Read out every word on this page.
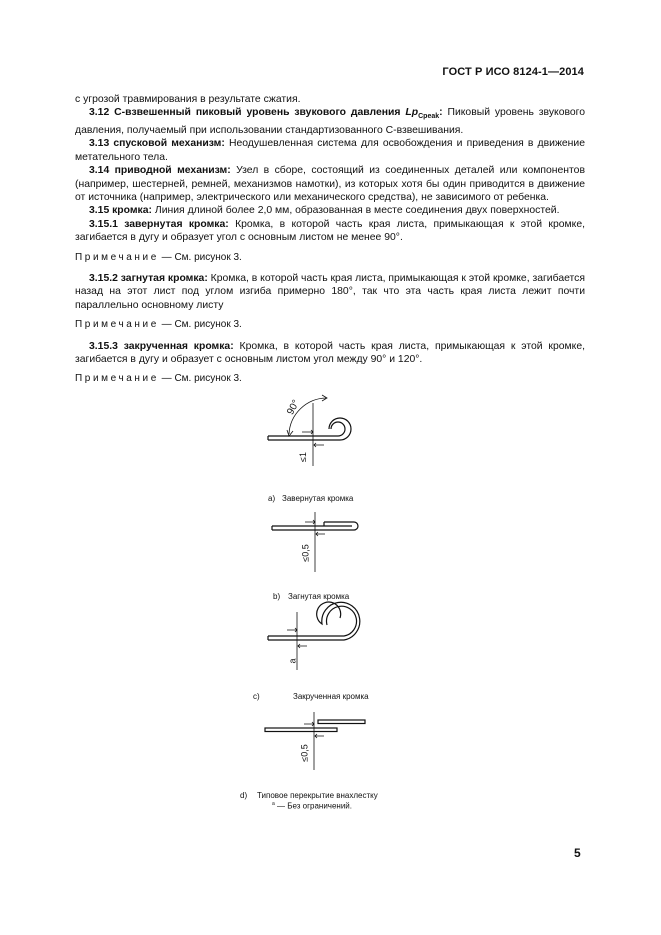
ГОСТ Р ИСО 8124-1—2014

с угрозой травмирования в результате сжатия.

3.12 С-взвешенный пиковый уровень звукового давления $Lp_{Cpeak}$: Пиковый уровень звукового давления, получаемый при использовании стандартизованного С-взвешивания.

3.13 спусковой механизм: Неодушевленная система для освобождения и приведения в движение метательного тела.

3.14 приводной механизм: Узел в сборе, состоящий из соединенных деталей или компонентов (например, шестерней, ремней, механизмов намотки), из которых хотя бы один приводится в движение от источника (например, электрического или механического средства), не зависимого от ребенка.

3.15 кромка: Линия длиной более 2,0 мм, образованная в месте соединения двух поверхностей.

3.15.1 завернутая кромка: Кромка, в которой часть края листа, примыкающая к этой кромке, загибается в дугу и образует угол с основным листом не менее 90°.

Примечание — См. рисунок 3.

3.15.2 загнутая кромка: Кромка, в которой часть края листа, примыкающая к этой кромке, загибается назад на этот лист под углом изгиба примерно 180°, так что эта часть края листа лежит почти параллельно основному листу

Примечание — См. рисунок 3.

3.15.3 закрученная кромка: Кромка, в которой часть края листа, примыкающая к этой кромке, загибается в дугу и образует с основным листом угол между 90° и 120°.

Примечание — См. рисунок 3.

90°
≤1
≤0,5
a
≤0,5
a) Завернутая кромка
b) Загнутая кромка
c)	Закрученная кромка
d) Типовое перекрытие внахлестку
$^a$ — Без ограничений.
5
